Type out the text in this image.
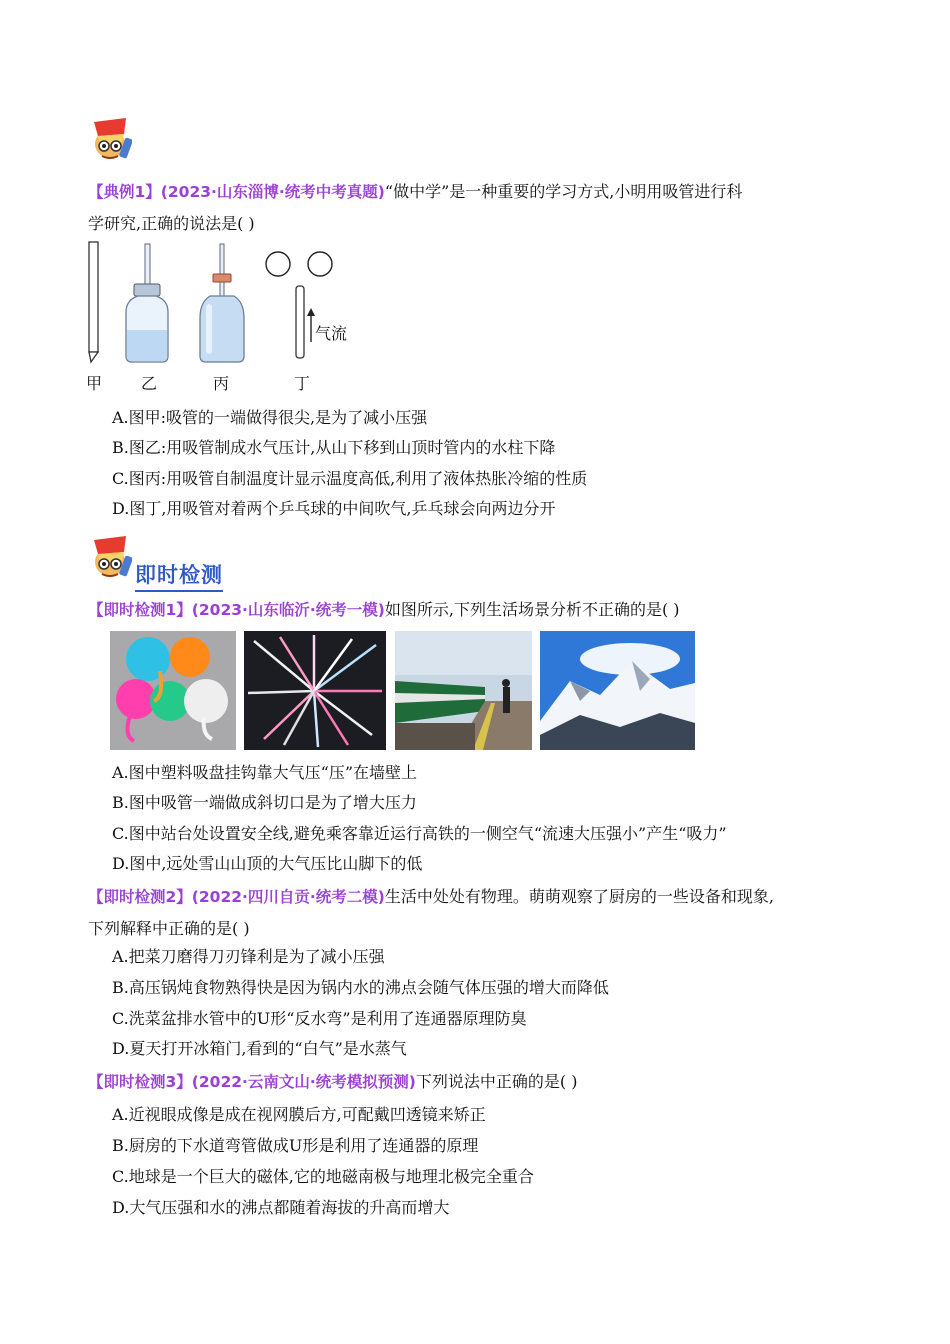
【典例1】(2023·山东淄博·统考中考真题)“做中学”是一种重要的学习方式,小明用吸管进行科
学研究,正确的说法是( )
气流
甲 乙	丙	丁
A.图甲:吸管的一端做得很尖,是为了减小压强
B.图乙:用吸管制成水气压计,从山下移到山顶时管内的水柱下降
C.图丙:用吸管自制温度计显示温度高低,利用了液体热胀冷缩的性质
D.图丁,用吸管对着两个乒乓球的中间吹气,乒乓球会向两边分开
即时检测
【即时检测1】(2023·山东临沂·统考一模)如图所示,下列生活场景分析不正确的是( )
A.图中塑料吸盘挂钩靠大气压“压”在墙壁上
B.图中吸管一端做成斜切口是为了增大压力
C.图中站台处设置安全线,避免乘客靠近运行高铁的一侧空气“流速大压强小”产生“吸力”
D.图中,远处雪山山顶的大气压比山脚下的低
【即时检测2】(2022·四川自贡·统考二模)生活中处处有物理。萌萌观察了厨房的一些设备和现象,
下列解释中正确的是( )
A.把菜刀磨得刀刃锋利是为了减小压强
B.高压锅炖食物熟得快是因为锅内水的沸点会随气体压强的增大而降低
C.洗菜盆排水管中的U形“反水弯”是利用了连通器原理防臭
D.夏天打开冰箱门,看到的“白气”是水蒸气
【即时检测3】(2022·云南文山·统考模拟预测)下列说法中正确的是( )
A.近视眼成像是成在视网膜后方,可配戴凹透镜来矫正
B.厨房的下水道弯管做成U形是利用了连通器的原理
C.地球是一个巨大的磁体,它的地磁南极与地理北极完全重合
D.大气压强和水的沸点都随着海拔的升高而增大
